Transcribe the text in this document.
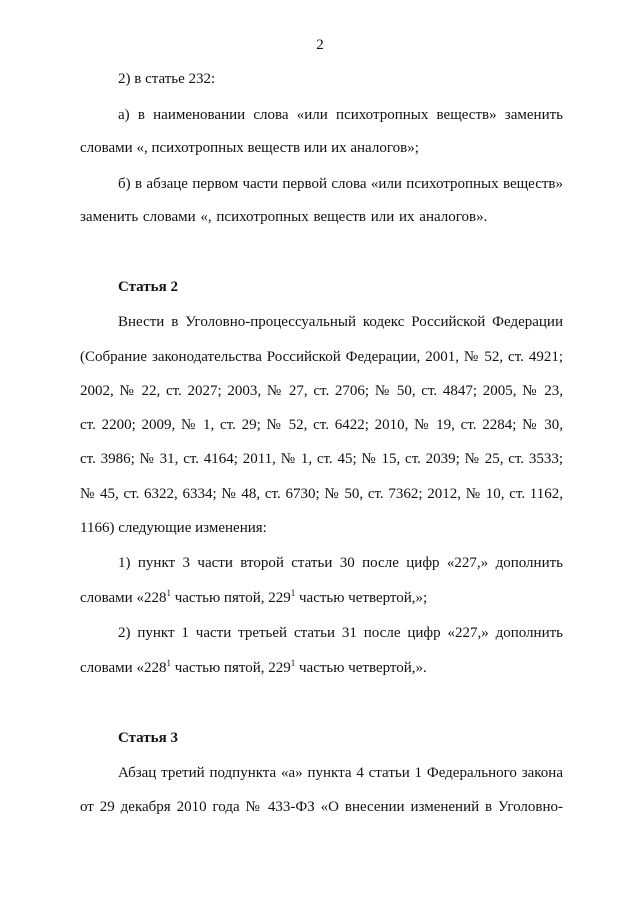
2
2) в статье 232:
а) в наименовании слова «или психотропных веществ» заменить
словами «, психотропных веществ или их аналогов»;
б) в абзаце первом части первой слова «или психотропных веществ»
заменить словами «, психотропных веществ или их аналогов».
Статья 2
Внести в Уголовно-процессуальный кодекс Российской Федерации
(Собрание законодательства Российской Федерации, 2001, № 52, ст. 4921;
2002, № 22, ст. 2027; 2003, № 27, ст. 2706; № 50, ст. 4847; 2005, № 23,
ст. 2200; 2009, № 1, ст. 29; № 52, ст. 6422; 2010, № 19, ст. 2284; № 30,
ст. 3986; № 31, ст. 4164; 2011, № 1, ст. 45; № 15, ст. 2039; № 25, ст. 3533;
№ 45, ст. 6322, 6334; № 48, ст. 6730; № 50, ст. 7362; 2012, № 10, ст. 1162,
1166) следующие изменения:
1) пункт 3 части второй статьи 30 после цифр «227,» дополнить
словами «$228^1$ частью пятой, $229^1$ частью четвертой,»;
2) пункт 1 части третьей статьи 31 после цифр «227,» дополнить
словами «$228^1$ частью пятой, $229^1$ частью четвертой,».
Статья 3
Абзац третий подпункта «а» пункта 4 статьи 1 Федерального закона
от 29 декабря 2010 года № 433-ФЗ «О внесении изменений в Уголовно-
